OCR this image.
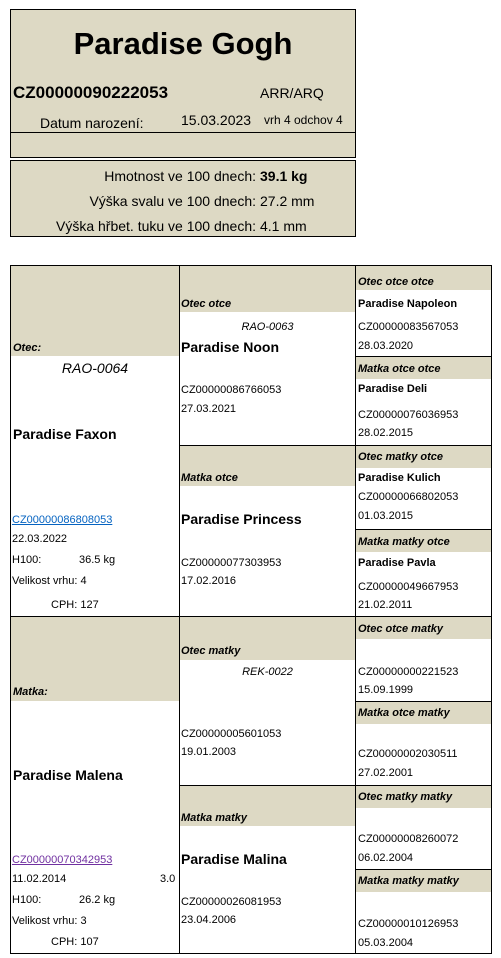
Paradise Gogh
CZ00000090222053	ARR/ARQ
Datum narození:	15.03.2023 vrh 4 odchov 4
Hmotnost ve 100 dnech: 39.1 kg
Výška svalu ve 100 dnech: 27.2 mm
Výška hřbet. tuku ve 100 dnech: 4.1 mm
Otec:
RAO-0064
Paradise Faxon
CZ00000086808053
22.03.2022
H100:	36.5 kg
Velikost vrhu: 4
CPH: 127
Matka:
Paradise Malena
CZ00000070342953
11.02.2014	3.0
H100:	26.2 kg
Velikost vrhu: 3
CPH: 107
Otec otce
RAO-0063
Paradise Noon
CZ00000086766053
27.03.2021
Matka otce
Paradise Princess
CZ00000077303953
17.02.2016
Otec matky
REK-0022
CZ00000005601053
19.01.2003
Matka matky
Paradise Malina
CZ00000026081953
23.04.2006
Otec otce otce
Paradise Napoleon
CZ00000083567053
28.03.2020
Matka otce otce
Paradise Deli
CZ00000076036953
28.02.2015
Otec matky otce
Paradise Kulich
CZ00000066802053
01.03.2015
Matka matky otce
Paradise Pavla
CZ00000049667953
21.02.2011
Otec otce matky
CZ00000000221523
15.09.1999
Matka otce matky
CZ00000002030511
27.02.2001
Otec matky matky
CZ00000008260072
06.02.2004
Matka matky matky
CZ00000010126953
05.03.2004
